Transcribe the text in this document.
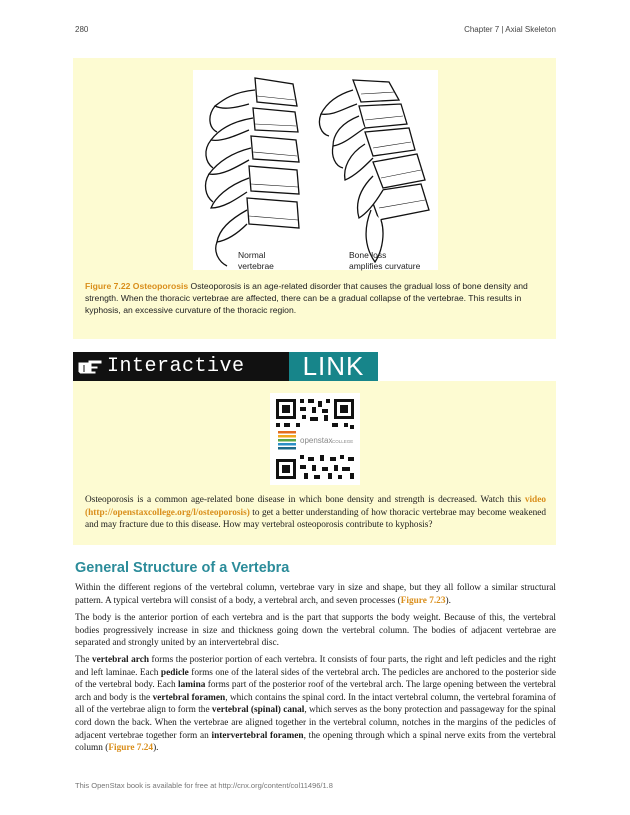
280	Chapter 7 | Axial Skeleton
Normal
vertebrae
Bone loss
amplifies curvature
Figure 7.22 Osteoporosis Osteoporosis is an age-related disorder that causes the gradual loss of bone density and strength. When the thoracic vertebrae are affected, there can be a gradual collapse of the vertebrae. This results in kyphosis, an excessive curvature of the thoracic region.
Interactive	LINK
openstax COLLEGE
Osteoporosis is a common age-related bone disease in which bone density and strength is decreased. Watch this video (http://openstaxcollege.org/l/osteoporosis) to get a better understanding of how thoracic vertebrae may become weakened and may fracture due to this disease. How may vertebral osteoporosis contribute to kyphosis?
General Structure of a Vertebra

Within the different regions of the vertebral column, vertebrae vary in size and shape, but they all follow a similar structural pattern. A typical vertebra will consist of a body, a vertebral arch, and seven processes (Figure 7.23).

The body is the anterior portion of each vertebra and is the part that supports the body weight. Because of this, the vertebral bodies progressively increase in size and thickness going down the vertebral column. The bodies of adjacent vertebrae are separated and strongly united by an intervertebral disc.

The vertebral arch forms the posterior portion of each vertebra. It consists of four parts, the right and left pedicles and the right and left laminae. Each pedicle forms one of the lateral sides of the vertebral arch. The pedicles are anchored to the posterior side of the vertebral body. Each lamina forms part of the posterior roof of the vertebral arch. The large opening between the vertebral arch and body is the vertebral foramen, which contains the spinal cord. In the intact vertebral column, the vertebral foramina of all of the vertebrae align to form the vertebral (spinal) canal, which serves as the bony protection and passageway for the spinal cord down the back. When the vertebrae are aligned together in the vertebral column, notches in the margins of the pedicles of adjacent vertebrae together form an intervertebral foramen, the opening through which a spinal nerve exits from the vertebral column (Figure 7.24).

This OpenStax book is available for free at http://cnx.org/content/col11496/1.8
